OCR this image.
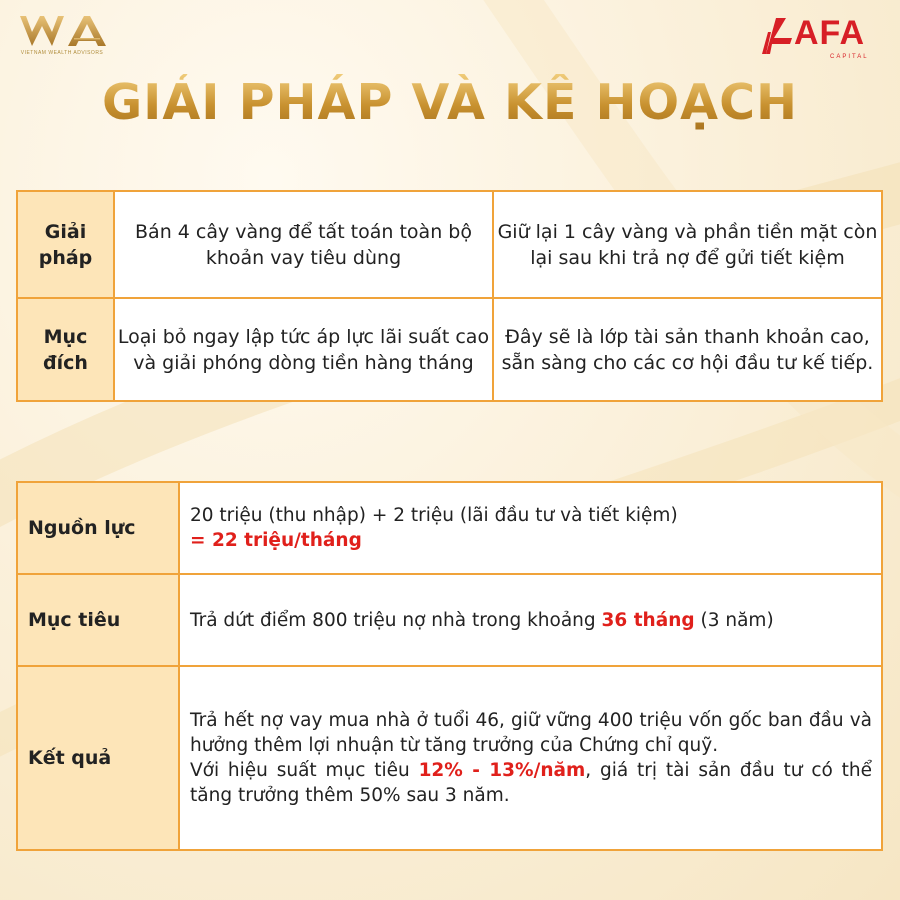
VIETNAM WEALTH ADVISORS
AFA
CAPITAL
GIẢI PHÁP VÀ KẾ HOẠCH
Giải pháp	Bán 4 cây vàng để tất toán toàn bộ khoản vay tiêu dùng	Giữ lại 1 cây vàng và phần tiền mặt còn lại sau khi trả nợ để gửi tiết kiệm
Mục đích	Loại bỏ ngay lập tức áp lực lãi suất cao và giải phóng dòng tiền hàng tháng	Đây sẽ là lớp tài sản thanh khoản cao, sẵn sàng cho các cơ hội đầu tư kế tiếp.
Nguồn lực	20 triệu (thu nhập) + 2 triệu (lãi đầu tư và tiết kiệm)
= 22 triệu/tháng

Mục tiêu	Trả dứt điểm 800 triệu nợ nhà trong khoảng 36 tháng (3 năm)
Kết quả	Trả hết nợ vay mua nhà ở tuổi 46, giữ vững 400 triệu vốn gốc ban đầu và hưởng thêm lợi nhuận từ tăng trưởng của Chứng chỉ quỹ.
Với hiệu suất mục tiêu 12% - 13%/năm, giá trị tài sản đầu tư có thể tăng trưởng thêm 50% sau 3 năm.
